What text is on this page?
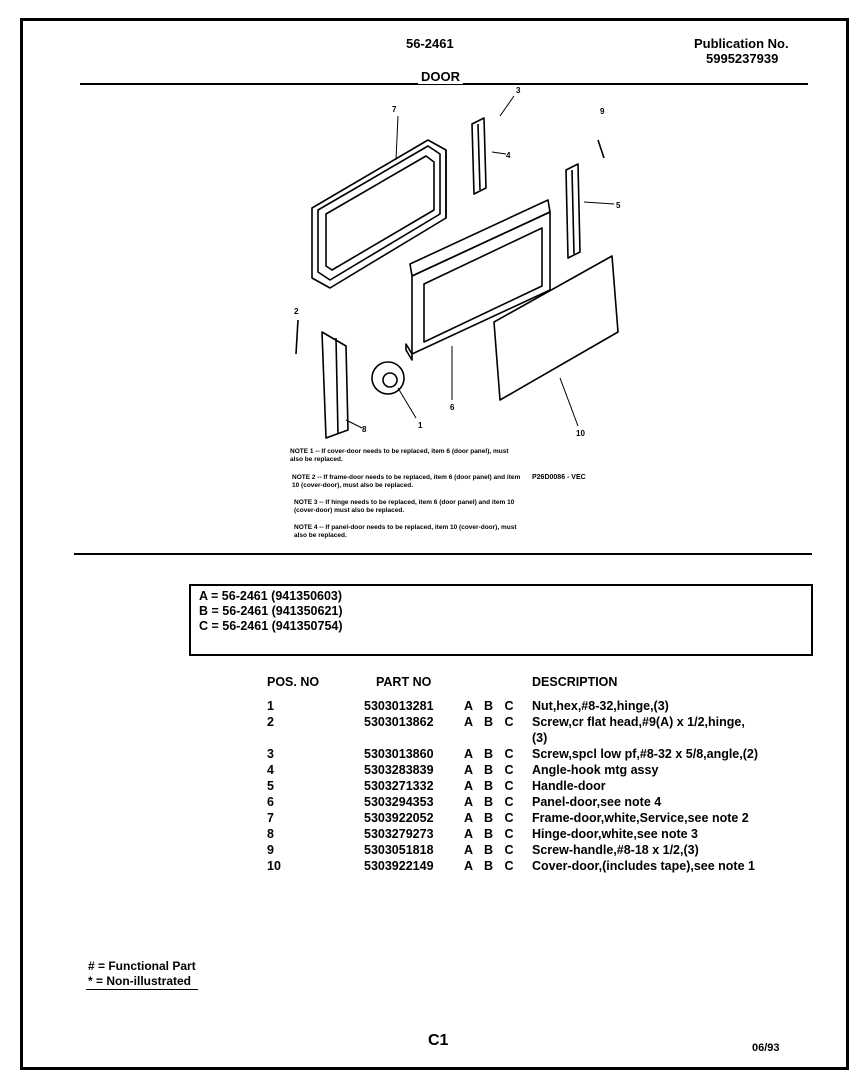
56-2461	Publication No.
5995237939
DOOR
7
3
4
9
5
2
6
1
8	10
NOTE 1 -- If cover-door needs to be replaced, item 6 (door panel), must also be replaced.
NOTE 2 -- If frame-door needs to be replaced, item 6 (door panel) and item 10 (cover-door), must also be replaced.
P26D0086 - VEC
NOTE 3 -- If hinge needs to be replaced, item 6 (door panel) and item 10 (cover-door) must also be replaced.
NOTE 4 -- If panel-door needs to be replaced, item 10 (cover-door), must also be replaced.
A = 56-2461 (941350603)
B = 56-2461 (941350621)
C = 56-2461 (941350754)
POS. NO	PART NO	DESCRIPTION
1	5303013281 A B C Nut,hex,#8-32,hinge,(3)
2	5303013862 A B C Screw,cr flat head,#9(A) x 1/2,hinge,
(3)
3	5303013860 A B C Screw,spcl low pf,#8-32 x 5/8,angle,(2)
4	5303283839 A B C Angle-hook mtg assy
5	5303271332 A B C Handle-door
6	5303294353 A B C Panel-door,see note 4
7	5303922052 A B C Frame-door,white,Service,see note 2
8	5303279273 A B C Hinge-door,white,see note 3
9	5303051818 A B C Screw-handle,#8-18 x 1/2,(3)
10	5303922149 A B C Cover-door,(includes tape),see note 1
# = Functional Part
* = Non-illustrated
C1	06/93
